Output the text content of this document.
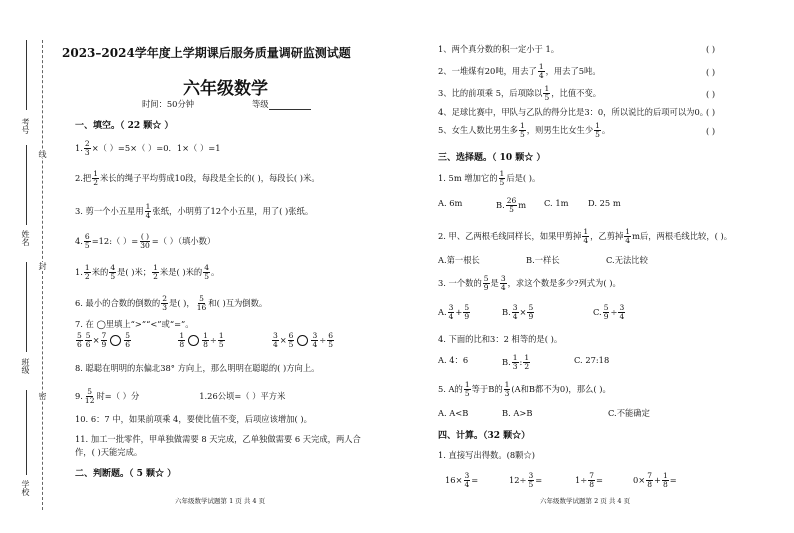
考号
姓名
班级
学校
线
封
密
2023–2024学年度上学期课后服务质量调研监测试题
六年级数学
时间：50分钟	等级
一、填空。（ 22 颗☆ ）
1. $\frac{2}{3}$ ×（ ）=5×（ ）=0．1×（ ）=1
2.把 $\frac{1}{2}$ 米长的绳子平均剪成10段，每段是全长的( )，每段长( )米。
3. 剪一个小五星用 $\frac{1}{4}$ 张纸，小明剪了12个小五星，用了( )张纸。
4. $\frac{6}{5}$ =12:（ ）= $\frac{( )}{30}$ =（ ）（填小数）
1. $\frac{1}{2}$ 米的 $\frac{4}{5}$ 是( )米； $\frac{1}{2}$ 米是( )米的 $\frac{4}{5}$ 。
6. 最小的合数的倒数的 $\frac{2}{3}$ 是( )， $\frac{5}{16}$ 和( )互为倒数。
7. 在 ◯里填上“>”“<”或“=”。
$\frac{5}{6} \frac{5}{6} \times \frac{7}{9} \frac{5}{6}$
	$\frac{1}{8} \frac{1}{8} \div \frac{1}{5}$
	$\frac{3}{4} \times \frac{6}{5} \frac{3}{4} \div \frac{6}{5}$
8. 聪聪在明明的东偏北38° 方向上，那么明明在聪聪的( )方向上。
9. $\frac{5}{12}$ 时=（ ）分	1.26公顷=（ ）平方米
10. 6：7 中，如果前项乘 4，要使比值不变，后项应该增加( )。
11. 加工一批零件，甲单独做需要 8 天完成，乙单独做需要 6 天完成，两人合
作，( )天能完成。
二、判断题。（ 5 颗☆ ）
六年级数学试题第 1 页 共 4 页
1、两个真分数的积一定小于 1。	( )
2、一堆煤有20吨，用去了 $\frac{1}{4}$ ，用去了5吨。	( )
3、比的前项乘 5，后项除以 $\frac{1}{5}$ ，比值不变。	( )
4、足球比赛中，甲队与乙队的得分比是3：0，所以说比的后项可以为0。
( )
5、女生人数比男生多 $\frac{1}{5}$ ，则男生比女生少 $\frac{1}{5}$ 。	( )
三、选择题。（ 10 颗☆ ）
1. 5m 增加它的 $\frac{1}{5}$ 后是( )。
A. 6m	B. $\frac{26}{5}$ m C. 1m D. 25 m
2. 甲、乙两根毛线同样长，如果甲剪掉 $\frac{1}{4}$ ，乙剪掉 $\frac{1}{4}$ m后，两根毛线比较，( )。
A.第一根长	B.一样长	C.无法比较
3. 一个数的 $\frac{5}{9}$ 是 $\frac{3}{4}$ ，求这个数是多少?列式为( )。
A. $\frac{3}{4} + \frac{5}{9}$	B. $\frac{3}{4} \times \frac{5}{9}$	C. $\frac{5}{9} \div \frac{3}{4}$
4. 下面的比和3：2 相等的是( )。
A. 4：6	B. $\frac{1}{3}$ : $\frac{1}{2}$	C. 27:18
5. A的 $\frac{1}{5}$ 等于B的 $\frac{1}{3} (A$和B都不为0)，那么( )。
A. A<B	B. A>B	C.不能确定
四、计算。（32 颗☆）
1. 直接写出得数。(8颗☆)
$16\times \frac{3}{4}$ =	$12\div \frac{3}{5}$ =	$1\div \frac{7}{8}$ =	$0\times \frac{7}{8} + \frac{1}{8}$ =
六年级数学试题第 2 页 共 4 页
